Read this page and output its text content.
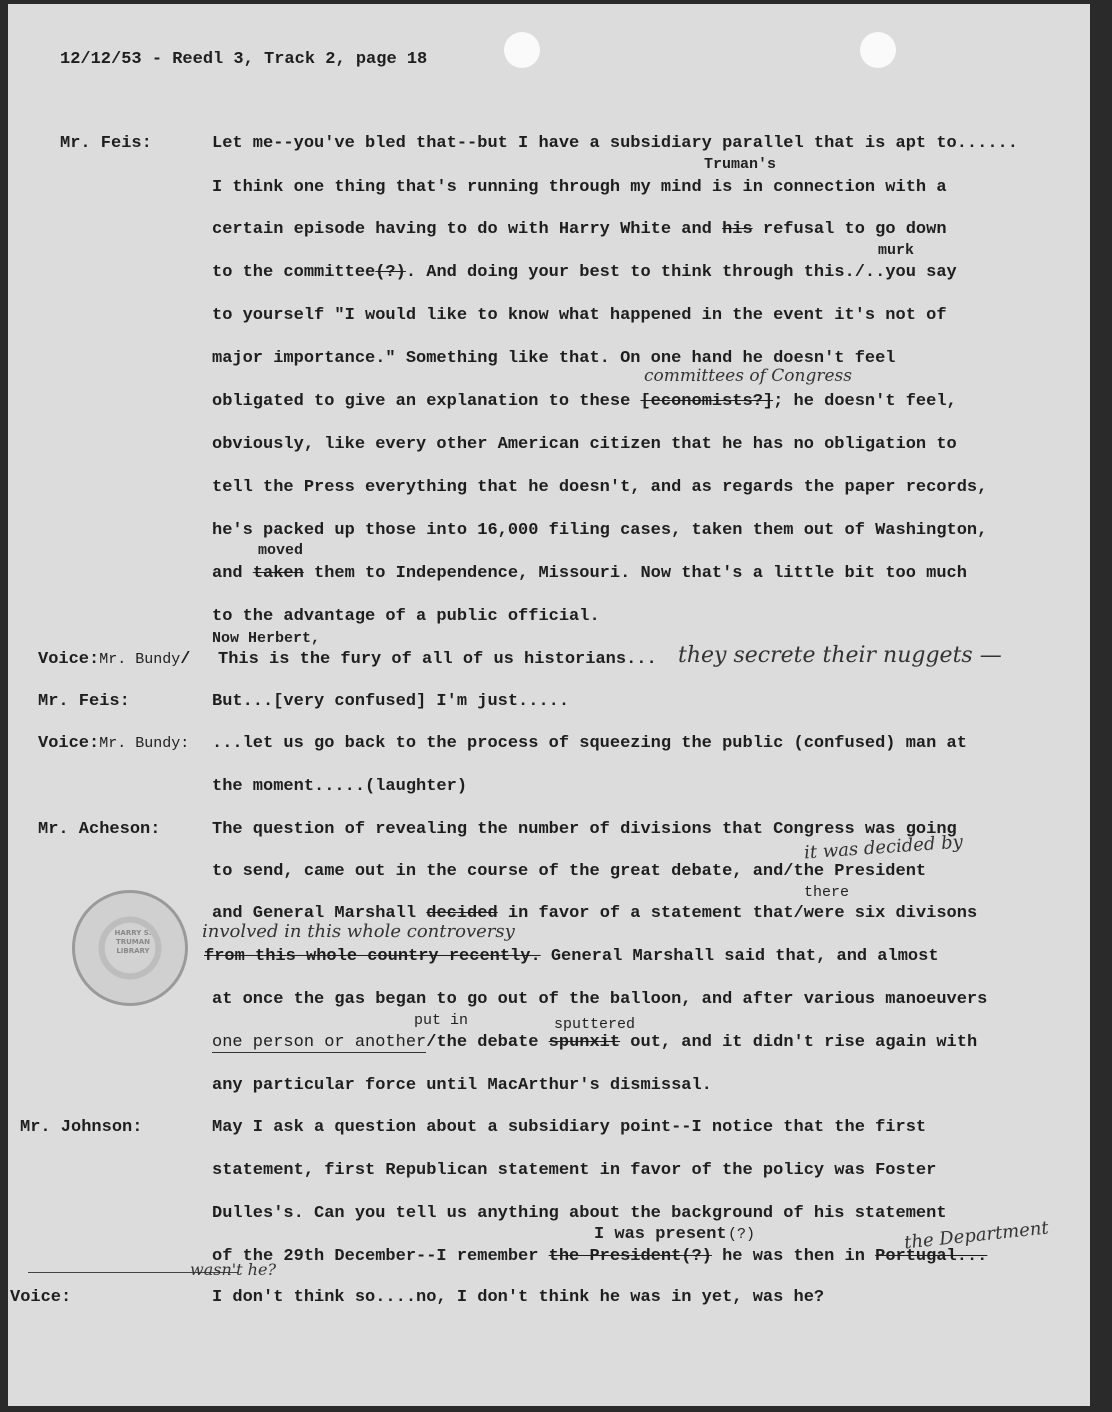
12/12/53 - Reedl 3, Track 2, page 18
Mr. Feis:
Voice:Mr. Bundy/
Mr. Feis:
Voice:Mr. Bundy:
Mr. Acheson:
Mr. Johnson:
Voice:
Let me--you've bled that--but I have a subsidiary parallel that is apt to......
Truman's
I think one thing that's running through my mind is in connection with a
murk
certain episode having to do with Harry White and his refusal to go down
to the committee(?). And doing your best to think through this./..you say
to yourself "I would like to know what happened in the event it's not of
major importance." Something like that. On one hand he doesn't feel
committees of Congress
obligated to give an explanation to these [economists?]; he doesn't feel,
obviously, like every other American citizen that he has no obligation to
tell the Press everything that he doesn't, and as regards the paper records,
he's packed up those into 16,000 filing cases, taken them out of Washington,
moved
and taken them to Independence, Missouri. Now that's a little bit too much
to the advantage of a public official.
Now Herbert,
This is the fury of all of us historians... they secrete their nuggets —
But...[very confused] I'm just.....
...let us go back to the process of squeezing the public (confused) man at
the moment.....(laughter)
The question of revealing the number of divisions that Congress was going
it was decided by
to send, came out in the course of the great debate, and/the President
there
and General Marshall decided in favor of a statement that/were six divisons
involved in this whole controversy
from this whole country recently. General Marshall said that, and almost
at once the gas began to go out of the balloon, and after various manoeuvers
put in	sputtered
one person or another/the debate spunxit out, and it didn't rise again with
any particular force until MacArthur's dismissal.
May I ask a question about a subsidiary point--I notice that the first
statement, first Republican statement in favor of the policy was Foster
Dulles's. Can you tell us anything about the background of his statement
I was present (?)	the Department
of the 29th December--I remember the President(?) he was then in Portugal...
wasn't he?
I don't think so....no, I don't think he was in yet, was he?
HARRY S. TRUMAN LIBRARY
